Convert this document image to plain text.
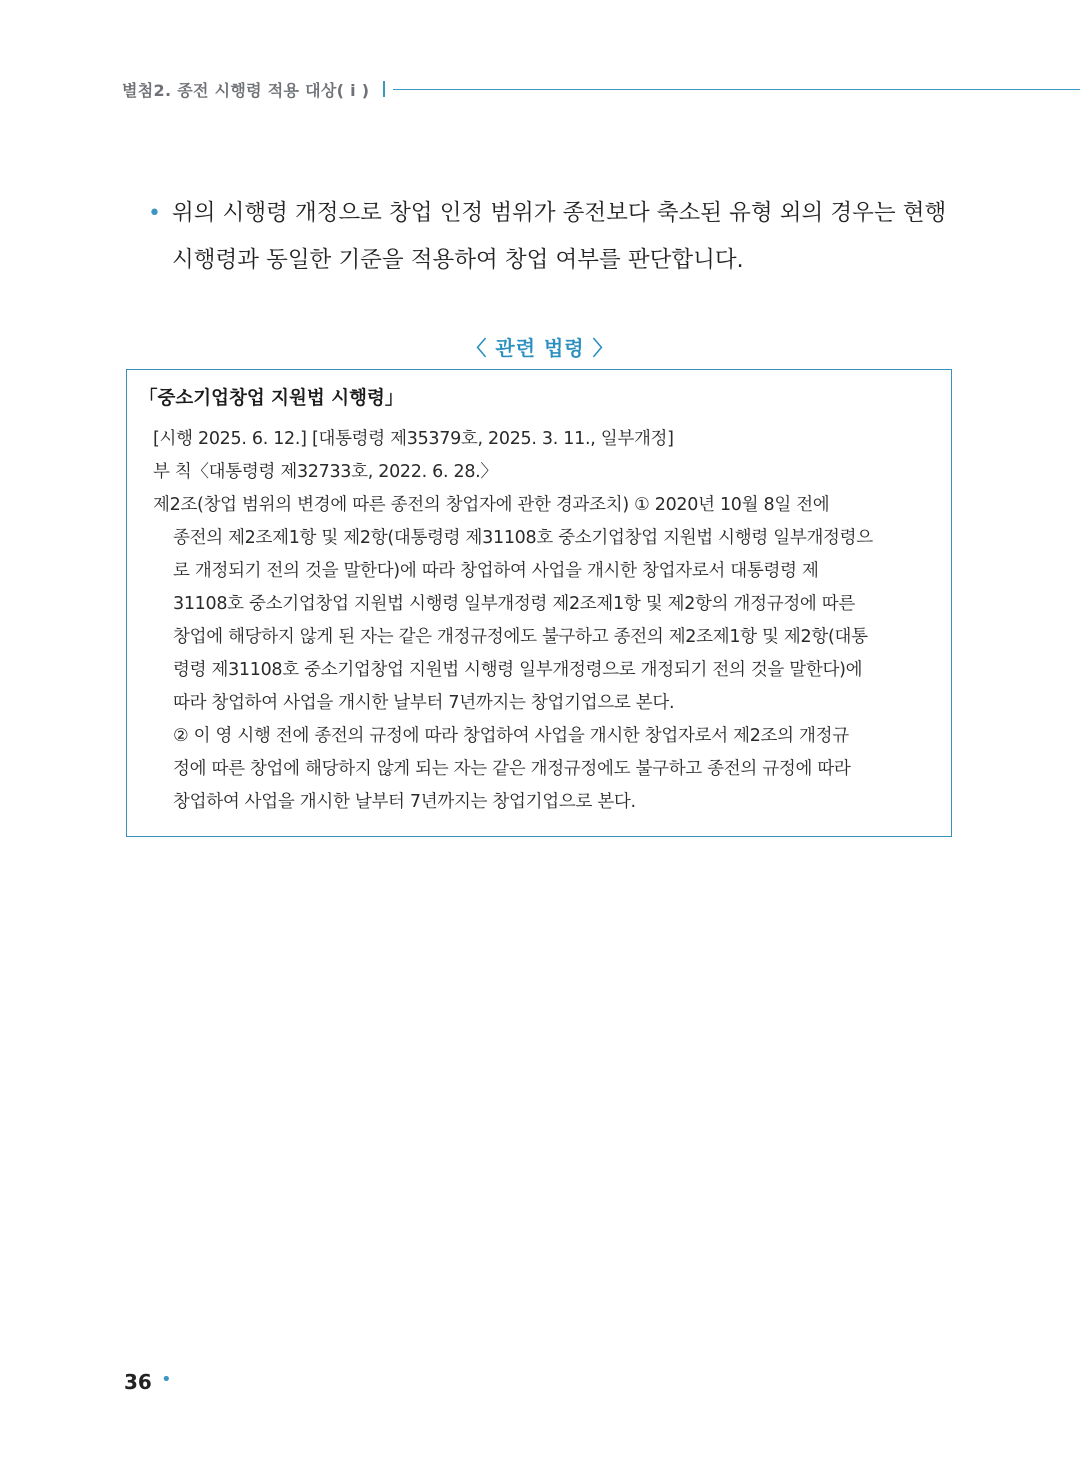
별첨2. 종전 시행령 적용 대상( i )
• 위의 시행령 개정으로 창업 인정 범위가 종전보다 축소된 유형 외의 경우는 현행
시행령과 동일한 기준을 적용하여 창업 여부를 판단합니다.
〈 관련 법령 〉
「중소기업창업 지원법 시행령」
[시행 2025. 6. 12.] [대통령령 제35379호, 2025. 3. 11., 일부개정]
부 칙〈대통령령 제32733호, 2022. 6. 28.〉
제2조(창업 범위의 변경에 따른 종전의 창업자에 관한 경과조치) ① 2020년 10월 8일 전에
종전의 제2조제1항 및 제2항(대통령령 제31108호 중소기업창업 지원법 시행령 일부개정령으
로 개정되기 전의 것을 말한다)에 따라 창업하여 사업을 개시한 창업자로서 대통령령 제
31108호 중소기업창업 지원법 시행령 일부개정령 제2조제1항 및 제2항의 개정규정에 따른
창업에 해당하지 않게 된 자는 같은 개정규정에도 불구하고 종전의 제2조제1항 및 제2항(대통
령령 제31108호 중소기업창업 지원법 시행령 일부개정령으로 개정되기 전의 것을 말한다)에
따라 창업하여 사업을 개시한 날부터 7년까지는 창업기업으로 본다.
② 이 영 시행 전에 종전의 규정에 따라 창업하여 사업을 개시한 창업자로서 제2조의 개정규
정에 따른 창업에 해당하지 않게 되는 자는 같은 개정규정에도 불구하고 종전의 규정에 따라
창업하여 사업을 개시한 날부터 7년까지는 창업기업으로 본다.
36 •
